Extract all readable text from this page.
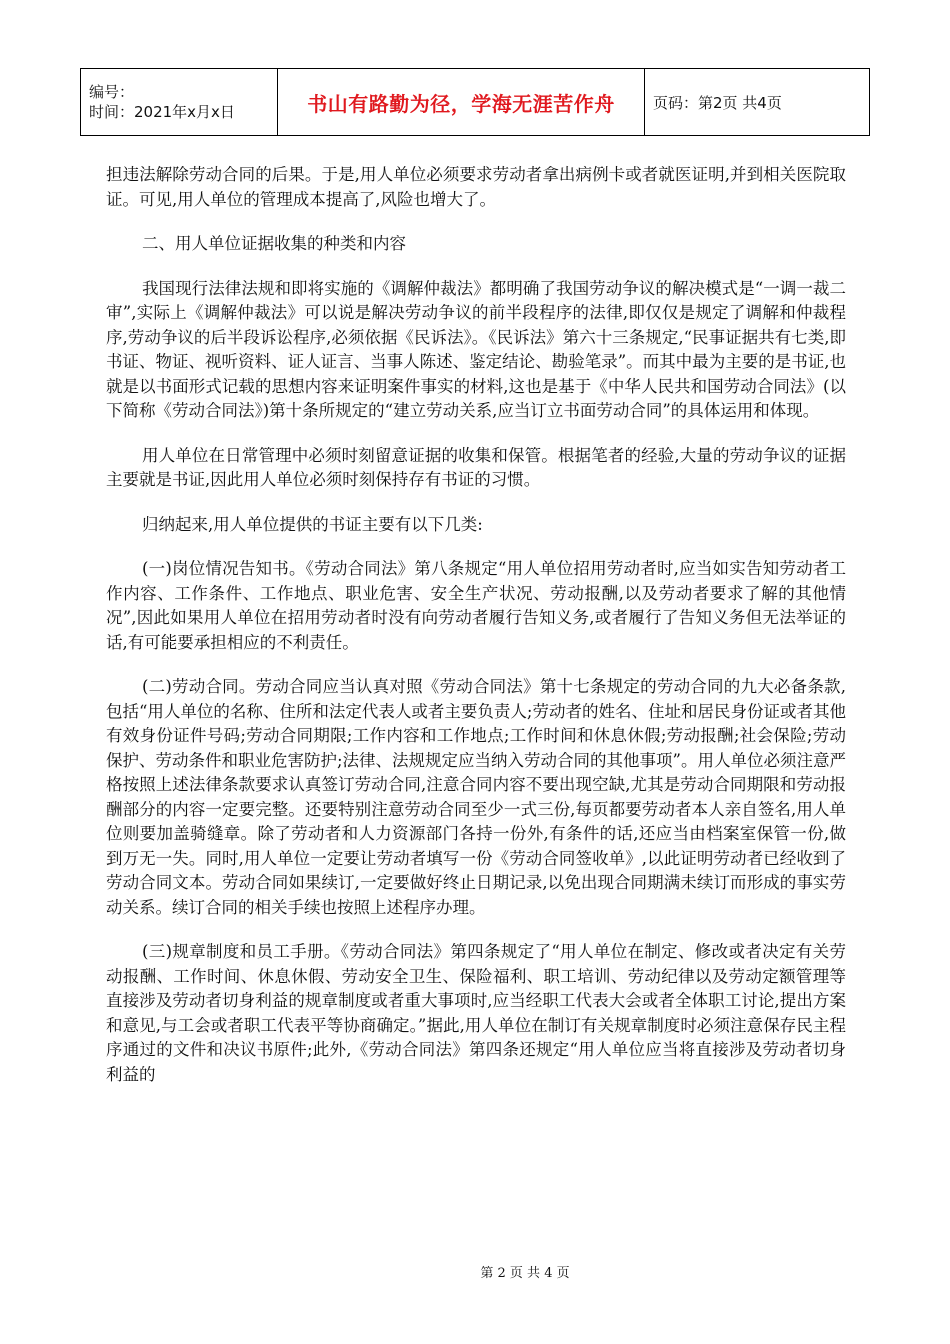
编号：
时间：2021年x月x日	书山有路勤为径，学海无涯苦作舟	页码：第2页 共4页

担违法解除劳动合同的后果。于是,用人单位必须要求劳动者拿出病例卡或者就医证明,并到相关医院取证。可见,用人单位的管理成本提高了,风险也增大了。

二、用人单位证据收集的种类和内容

我国现行法律法规和即将实施的《调解仲裁法》都明确了我国劳动争议的解决模式是“一调一裁二审”,实际上《调解仲裁法》可以说是解决劳动争议的前半段程序的法律,即仅仅是规定了调解和仲裁程序,劳动争议的后半段诉讼程序,必须依据《民诉法》。《民诉法》第六十三条规定,“民事证据共有七类,即书证、物证、视听资料、证人证言、当事人陈述、鉴定结论、勘验笔录”。而其中最为主要的是书证,也就是以书面形式记载的思想内容来证明案件事实的材料,这也是基于《中华人民共和国劳动合同法》(以下简称《劳动合同法》)第十条所规定的“建立劳动关系,应当订立书面劳动合同”的具体运用和体现。

用人单位在日常管理中必须时刻留意证据的收集和保管。根据笔者的经验,大量的劳动争议的证据主要就是书证,因此用人单位必须时刻保持存有书证的习惯。

归纳起来,用人单位提供的书证主要有以下几类:

(一)岗位情况告知书。《劳动合同法》第八条规定“用人单位招用劳动者时,应当如实告知劳动者工作内容、工作条件、工作地点、职业危害、安全生产状况、劳动报酬,以及劳动者要求了解的其他情况”,因此如果用人单位在招用劳动者时没有向劳动者履行告知义务,或者履行了告知义务但无法举证的话,有可能要承担相应的不利责任。

(二)劳动合同。劳动合同应当认真对照《劳动合同法》第十七条规定的劳动合同的九大必备条款,包括“用人单位的名称、住所和法定代表人或者主要负责人;劳动者的姓名、住址和居民身份证或者其他有效身份证件号码;劳动合同期限;工作内容和工作地点;工作时间和休息休假;劳动报酬;社会保险;劳动保护、劳动条件和职业危害防护;法律、法规规定应当纳入劳动合同的其他事项”。用人单位必须注意严格按照上述法律条款要求认真签订劳动合同,注意合同内容不要出现空缺,尤其是劳动合同期限和劳动报酬部分的内容一定要完整。还要特别注意劳动合同至少一式三份,每页都要劳动者本人亲自签名,用人单位则要加盖骑缝章。除了劳动者和人力资源部门各持一份外,有条件的话,还应当由档案室保管一份,做到万无一失。同时,用人单位一定要让劳动者填写一份《劳动合同签收单》,以此证明劳动者已经收到了劳动合同文本。劳动合同如果续订,一定要做好终止日期记录,以免出现合同期满未续订而形成的事实劳动关系。续订合同的相关手续也按照上述程序办理。

(三)规章制度和员工手册。《劳动合同法》第四条规定了“用人单位在制定、修改或者决定有关劳动报酬、工作时间、休息休假、劳动安全卫生、保险福利、职工培训、劳动纪律以及劳动定额管理等直接涉及劳动者切身利益的规章制度或者重大事项时,应当经职工代表大会或者全体职工讨论,提出方案和意见,与工会或者职工代表平等协商确定。”据此,用人单位在制订有关规章制度时必须注意保存民主程序通过的文件和决议书原件;此外,《劳动合同法》第四条还规定“用人单位应当将直接涉及劳动者切身利益的

第 2 页 共 4 页
